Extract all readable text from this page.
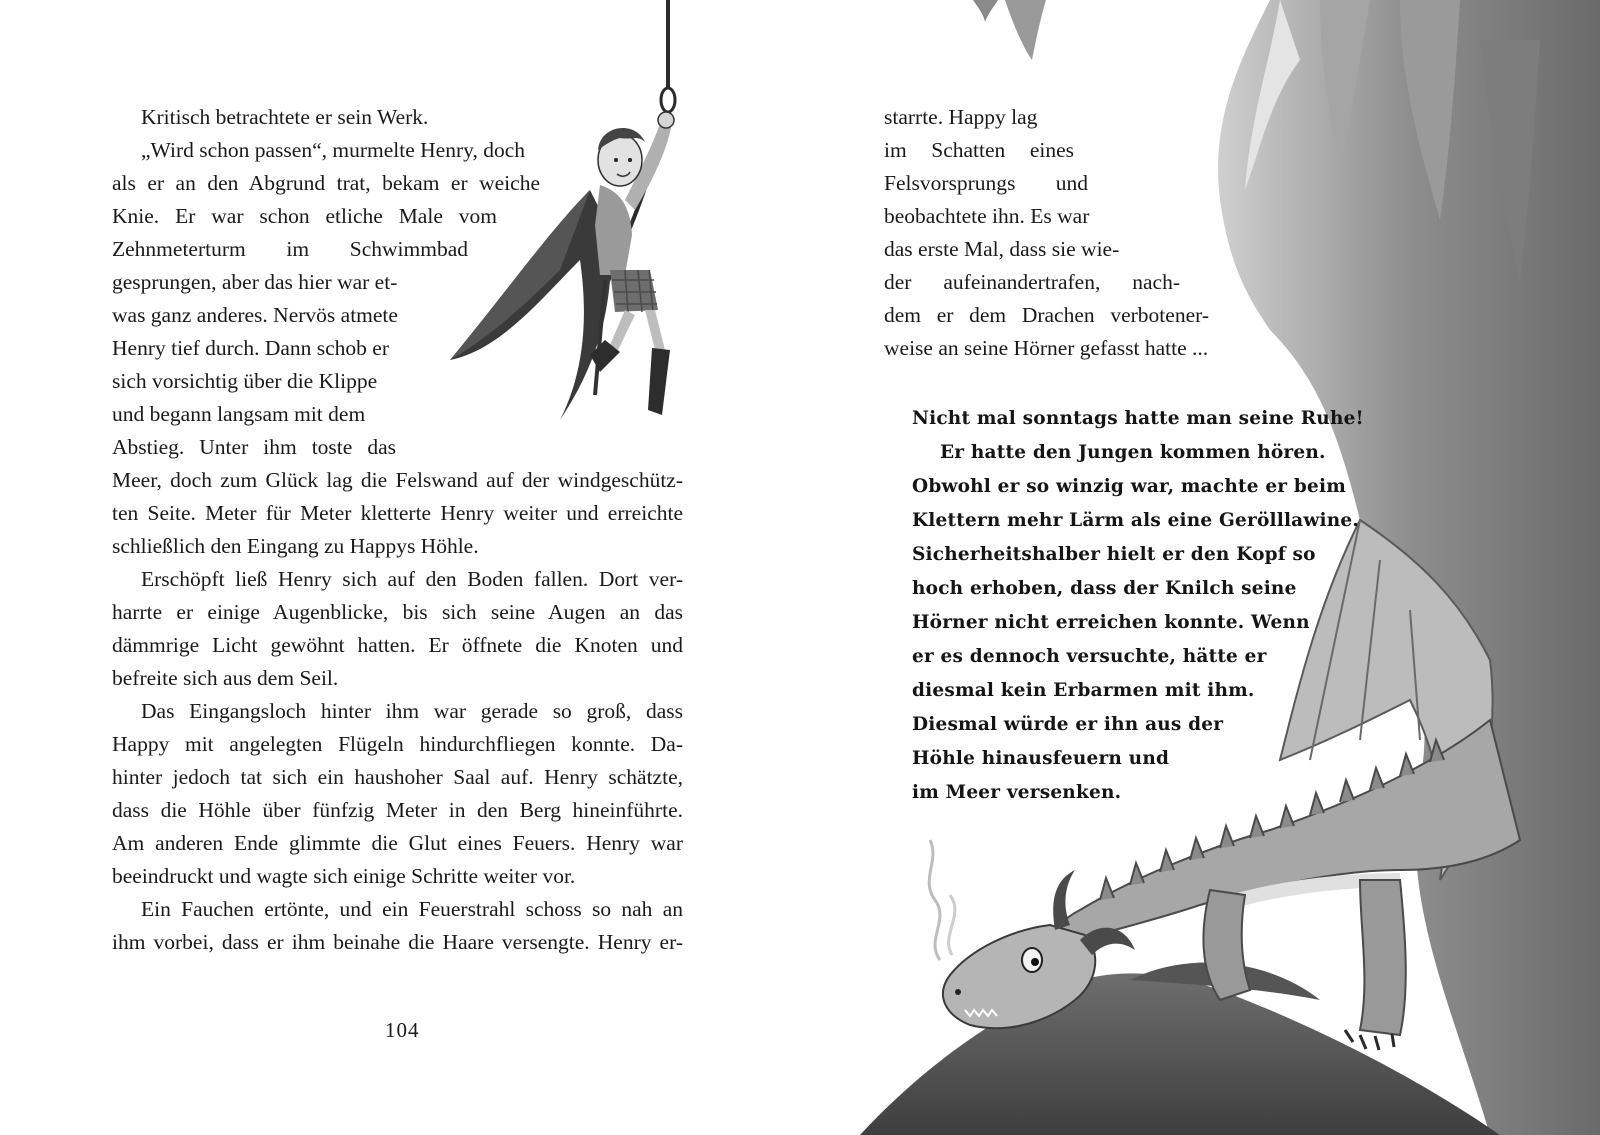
Kritisch betrachtete er sein Werk.
„Wird schon passen“, murmelte Henry, doch
als er an den Abgrund trat, bekam er weiche
Knie. Er war schon etliche Male vom
Zehnmeterturm im Schwimmbad
gesprungen, aber das hier war et-
was ganz anderes. Nervös atmete
Henry tief durch. Dann schob er
sich vorsichtig über die Klippe
und begann langsam mit dem
Abstieg. Unter ihm toste das
Meer, doch zum Glück lag die Felswand auf der windgeschütz-
ten Seite. Meter für Meter kletterte Henry weiter und erreichte
schließlich den Eingang zu Happys Höhle.
Erschöpft ließ Henry sich auf den Boden fallen. Dort ver-
harrte er einige Augenblicke, bis sich seine Augen an das
dämmrige Licht gewöhnt hatten. Er öffnete die Knoten und
befreite sich aus dem Seil.
Das Eingangsloch hinter ihm war gerade so groß, dass
Happy mit angelegten Flügeln hindurchfliegen konnte. Da-
hinter jedoch tat sich ein haushoher Saal auf. Henry schätzte,
dass die Höhle über fünfzig Meter in den Berg hineinführte.
Am anderen Ende glimmte die Glut eines Feuers. Henry war
beeindruckt und wagte sich einige Schritte weiter vor.
Ein Fauchen ertönte, und ein Feuerstrahl schoss so nah an
ihm vorbei, dass er ihm beinahe die Haare versengte. Henry er-
104
starrte. Happy lag
im Schatten eines
Felsvorsprungs und
beobachtete ihn. Es war
das erste Mal, dass sie wie-
der aufeinandertrafen, nach-
dem er dem Drachen verbotener-
weise an seine Hörner gefasst hatte ...
Nicht mal sonntags hatte man seine Ruhe!
Er hatte den Jungen kommen hören.
Obwohl er so winzig war, machte er beim
Klettern mehr Lärm als eine Gerölllawine.
Sicherheitshalber hielt er den Kopf so
hoch erhoben, dass der Knilch seine
Hörner nicht erreichen konnte. Wenn
er es dennoch versuchte, hätte er
diesmal kein Erbarmen mit ihm.
Diesmal würde er ihn aus der
Höhle hinausfeuern und
im Meer versenken.
